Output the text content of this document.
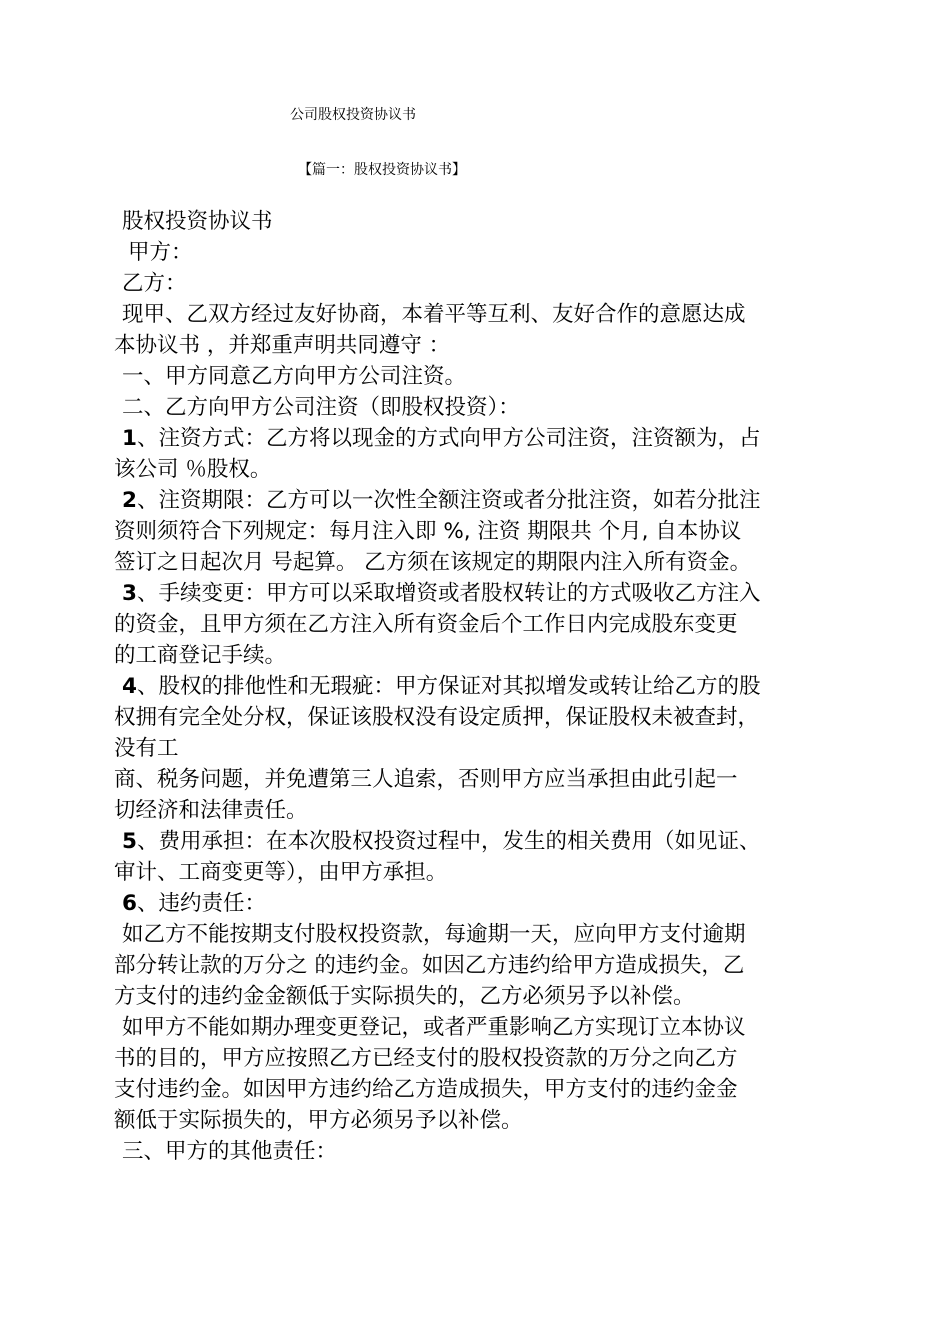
公司股权投资协议书
【篇一：股权投资协议书】
股权投资协议书
甲方：
乙方：
现甲、乙双方经过友好协商，本着平等互利、友好合作的意愿达成
本协议书 ，并郑重声明共同遵守 ：
一、甲方同意乙方向甲方公司注资。
二、乙方向甲方公司注资（即股权投资）：
1、注资方式：乙方将以现金的方式向甲方公司注资，注资额为，占
该公司 ％股权。
2、注资期限：乙方可以一次性全额注资或者分批注资，如若分批注
资则须符合下列规定：每月注入即 %, 注资 期限共 个月, 自本协议
签订之日起次月 号起算。 乙方须在该规定的期限内注入所有资金。
3、手续变更：甲方可以采取增资或者股权转让的方式吸收乙方注入
的资金，且甲方须在乙方注入所有资金后个工作日内完成股东变更
的工商登记手续。
4、股权的排他性和无瑕疵：甲方保证对其拟增发或转让给乙方的股
权拥有完全处分权，保证该股权没有设定质押，保证股权未被查封，
没有工
商、税务问题，并免遭第三人追索，否则甲方应当承担由此引起一
切经济和法律责任。
5、费用承担：在本次股权投资过程中，发生的相关费用（如见证、
审计、工商变更等），由甲方承担。
6、违约责任：
如乙方不能按期支付股权投资款，每逾期一天，应向甲方支付逾期
部分转让款的万分之 的违约金。如因乙方违约给甲方造成损失，乙
方支付的违约金金额低于实际损失的，乙方必须另予以补偿。
如甲方不能如期办理变更登记，或者严重影响乙方实现订立本协议
书的目的，甲方应按照乙方已经支付的股权投资款的万分之向乙方
支付违约金。如因甲方违约给乙方造成损失，甲方支付的违约金金
额低于实际损失的，甲方必须另予以补偿。
三、甲方的其他责任：
